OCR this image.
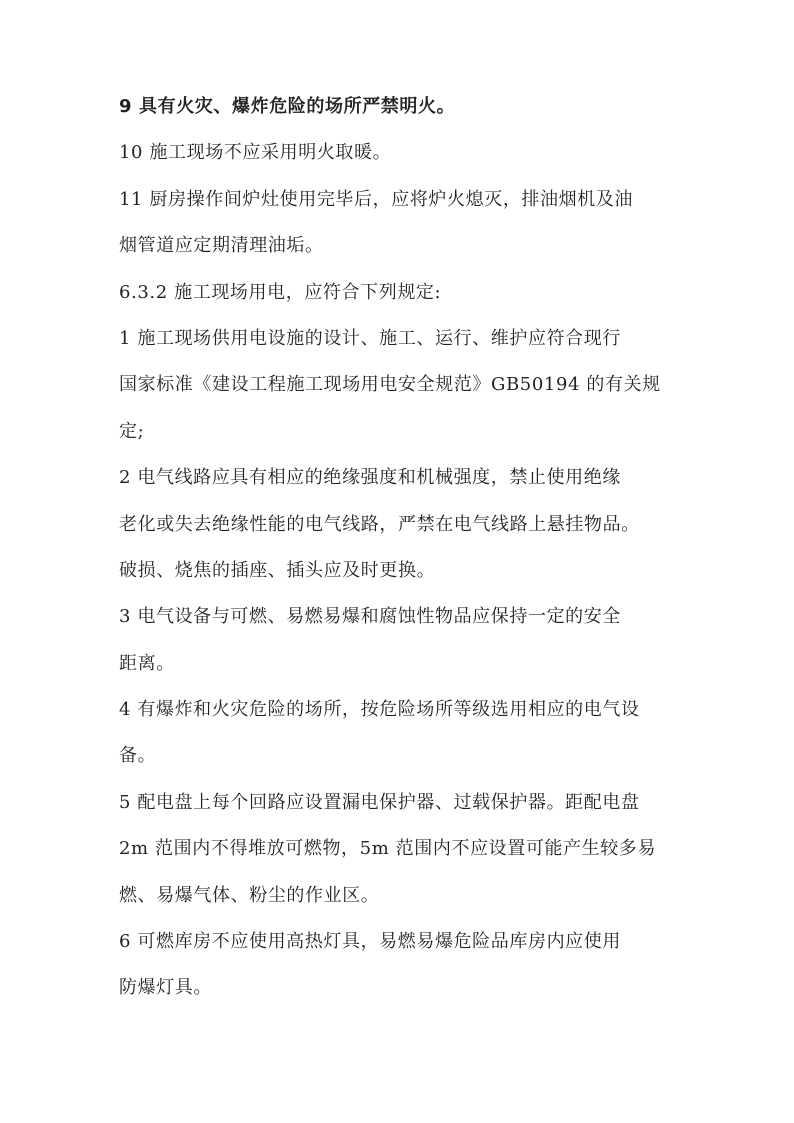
9 具有火灾、爆炸危险的场所严禁明火。
10 施工现场不应采用明火取暖。
11 厨房操作间炉灶使用完毕后，应将炉火熄灭，排油烟机及油
烟管道应定期清理油垢。
6.3.2 施工现场用电，应符合下列规定:
1 施工现场供用电设施的设计、施工、运行、维护应符合现行
国家标准《建设工程施工现场用电安全规范》GB50194 的有关规
定;
2 电气线路应具有相应的绝缘强度和机械强度，禁止使用绝缘
老化或失去绝缘性能的电气线路，严禁在电气线路上悬挂物品。
破损、烧焦的插座、插头应及时更换。
3 电气设备与可燃、易燃易爆和腐蚀性物品应保持一定的安全
距离。
4 有爆炸和火灾危险的场所，按危险场所等级选用相应的电气设
备。
5 配电盘上每个回路应设置漏电保护器、过载保护器。距配电盘
2m 范围内不得堆放可燃物，5m 范围内不应设置可能产生较多易
燃、易爆气体、粉尘的作业区。
6 可燃库房不应使用高热灯具，易燃易爆危险品库房内应使用
防爆灯具。
